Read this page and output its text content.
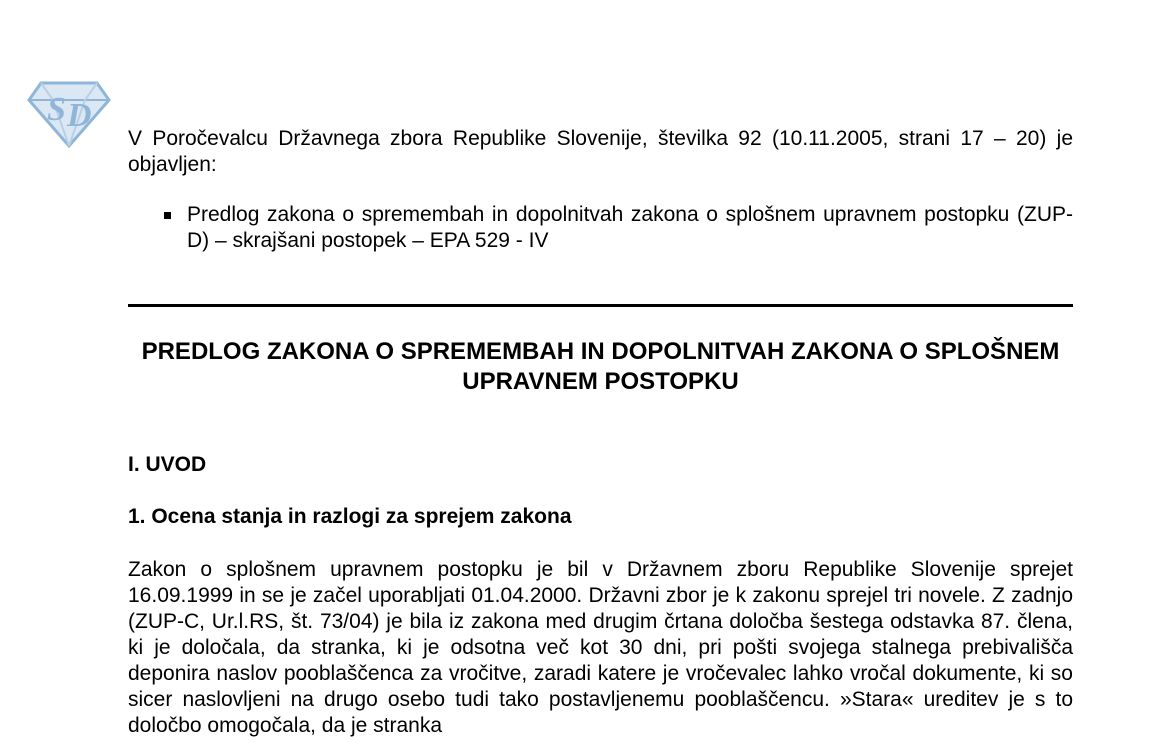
S D

V Poročevalcu Državnega zbora Republike Slovenije, številka 92 (10.11.2005, strani 17 – 20) je objavljen:

Predlog zakona o spremembah in dopolnitvah zakona o splošnem upravnem postopku (ZUP-D) – skrajšani postopek – EPA 529 - IV
PREDLOG ZAKONA O SPREMEMBAH IN DOPOLNITVAH ZAKONA O SPLOŠNEM UPRAVNEM POSTOPKU
I. UVOD
1. Ocena stanja in razlogi za sprejem zakona

Zakon o splošnem upravnem postopku je bil v Državnem zboru Republike Slovenije sprejet 16.09.1999 in se je začel uporabljati 01.04.2000. Državni zbor je k zakonu sprejel tri novele. Z zadnjo (ZUP-C, Ur.l.RS, št. 73/04) je bila iz zakona med drugim črtana določba šestega odstavka 87. člena, ki je določala, da stranka, ki je odsotna več kot 30 dni, pri pošti svojega stalnega prebivališča deponira naslov pooblaščenca za vročitve, zaradi katere je vročevalec lahko vročal dokumente, ki so sicer naslovljeni na drugo osebo tudi tako postavljenemu pooblaščencu. »Stara« ureditev je s to določbo omogočala, da je stranka
